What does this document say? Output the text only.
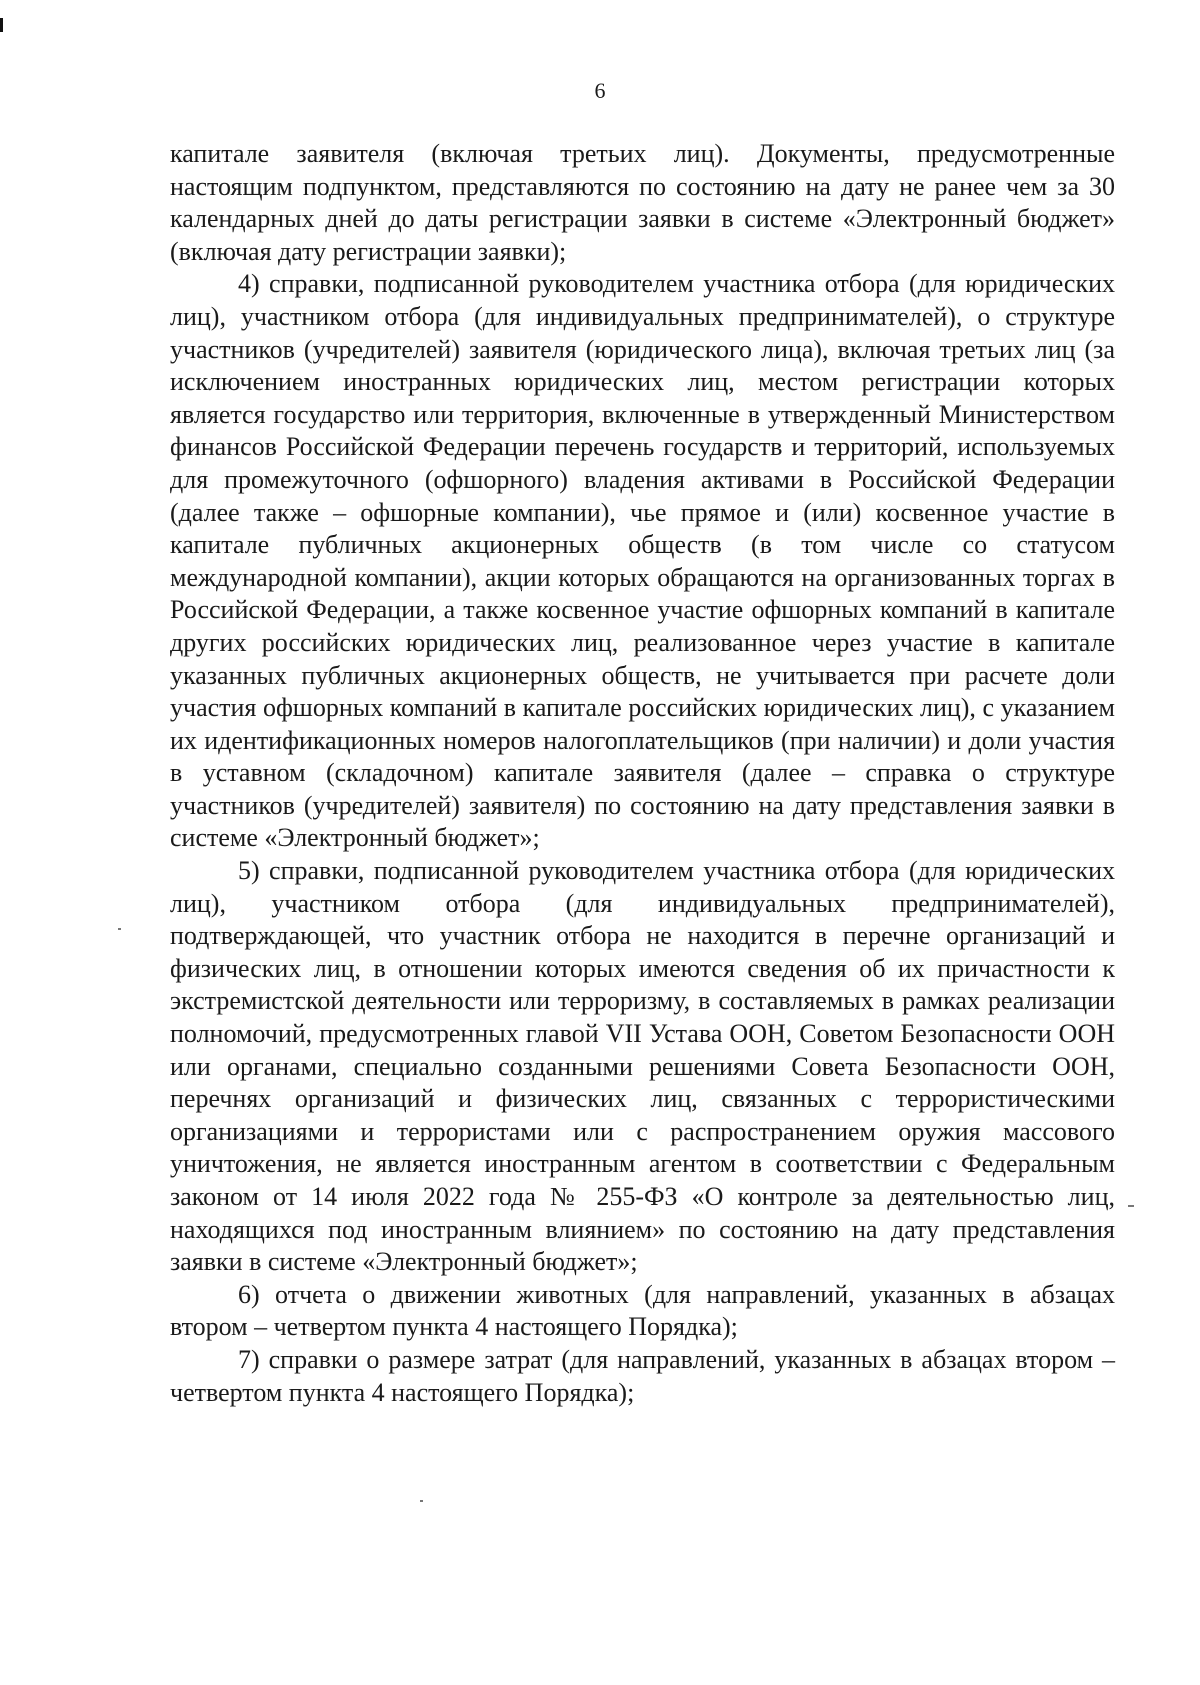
6

капитале заявителя (включая третьих лиц). Документы, предусмотренные настоящим подпунктом, представляются по состоянию на дату не ранее чем за 30 календарных дней до даты регистрации заявки в системе «Электронный бюджет» (включая дату регистрации заявки);

4) справки, подписанной руководителем участника отбора (для юридических лиц), участником отбора (для индивидуальных предпринимателей), о структуре участников (учредителей) заявителя (юридического лица), включая третьих лиц (за исключением иностранных юридических лиц, местом регистрации которых является государство или территория, включенные в утвержденный Министерством финансов Российской Федерации перечень государств и территорий, используемых для промежуточного (офшорного) владения активами в Российской Федерации (далее также – офшорные компании), чье прямое и (или) косвенное участие в капитале публичных акционерных обществ (в том числе со статусом международной компании), акции которых обращаются на организованных торгах в Российской Федерации, а также косвенное участие офшорных компаний в капитале других российских юридических лиц, реализованное через участие в капитале указанных публичных акционерных обществ, не учитывается при расчете доли участия офшорных компаний в капитале российских юридических лиц), с указанием их идентификационных номеров налогоплательщиков (при наличии) и доли участия в уставном (складочном) капитале заявителя (далее – справка о структуре участников (учредителей) заявителя) по состоянию на дату представления заявки в системе «Электронный бюджет»;

5) справки, подписанной руководителем участника отбора (для юридических лиц), участником отбора (для индивидуальных предпринимателей), подтверждающей, что участник отбора не находится в перечне организаций и физических лиц, в отношении которых имеются сведения об их причастности к экстремистской деятельности или терроризму, в составляемых в рамках реализации полномочий, предусмотренных главой VII Устава ООН, Советом Безопасности ООН или органами, специально созданными решениями Совета Безопасности ООН, перечнях организаций и физических лиц, связанных с террористическими организациями и террористами или с распространением оружия массового уничтожения, не является иностранным агентом в соответствии с Федеральным законом от 14 июля 2022 года № 255-ФЗ «О контроле за деятельностью лиц, находящихся под иностранным влиянием» по состоянию на дату представления заявки в системе «Электронный бюджет»;

6) отчета о движении животных (для направлений, указанных в абзацах втором – четвертом пункта 4 настоящего Порядка);

7) справки о размере затрат (для направлений, указанных в абзацах втором – четвертом пункта 4 настоящего Порядка);
